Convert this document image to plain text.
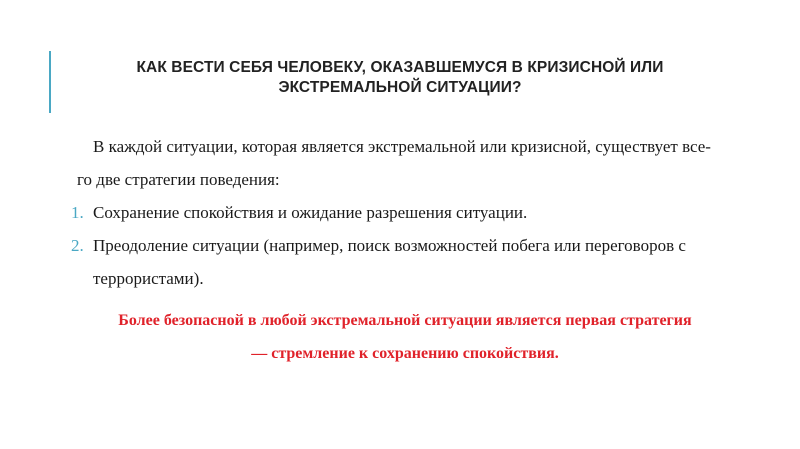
КАК ВЕСТИ СЕБЯ ЧЕЛОВЕКУ, ОКАЗАВШЕМУСЯ В КРИЗИСНОЙ ИЛИ
ЭКСТРЕМАЛЬНОЙ СИТУАЦИИ?
В каждой ситуации, которая является экстремальной или кризисной, существует все-
го две стратегии поведения:
1. Сохранение спокойствия и ожидание разрешения ситуации.
2. Преодоление ситуации (например, поиск возможностей побега или переговоров с
террористами).
Более безопасной в любой экстремальной ситуации является первая стратегия
— стремление к сохранению спокойствия.
